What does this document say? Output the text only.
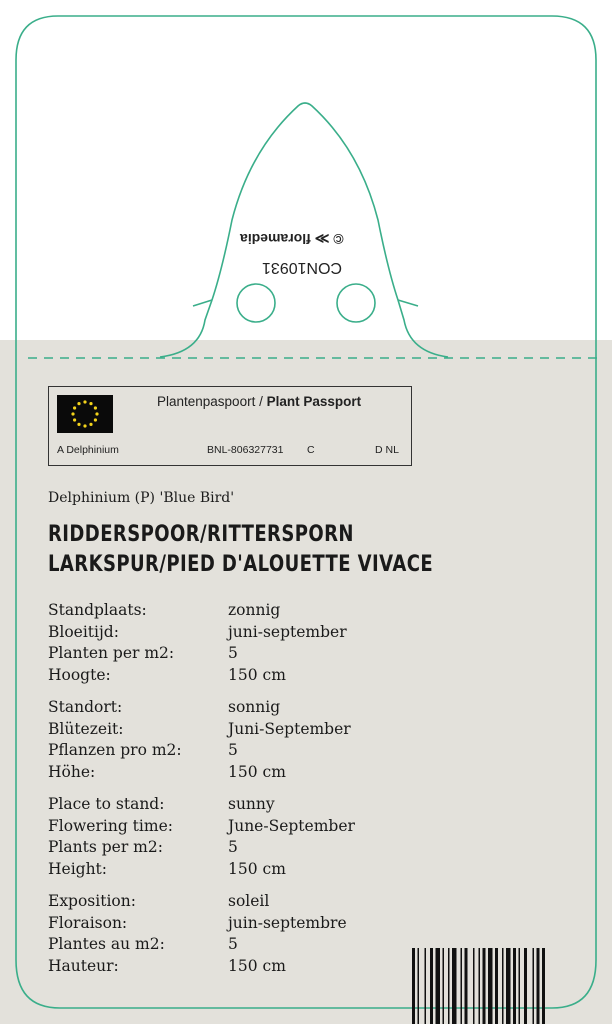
© ≫ floramedia
CON10931
Plantenpaspoort / Plant Passport
A Delphinium	BNL-806327731 C	D NL
Delphinium (P) 'Blue Bird'
RIDDERSPOOR/RITTERSPORN
LARKSPUR/PIED D'ALOUETTE VIVACE
Standplaats:	zonnig
Bloeitijd:	juni-september
Planten per m2:	5
Hoogte:	150 cm
Standort:	sonnig
Blütezeit:	Juni-September
Pflanzen pro m2:	5
Höhe:	150 cm
Place to stand:	sunny
Flowering time:	June-September
Plants per m2:	5
Height:	150 cm
Exposition:	soleil
Floraison:	juin-septembre
Plantes au m2:	5
Hauteur:	150 cm
